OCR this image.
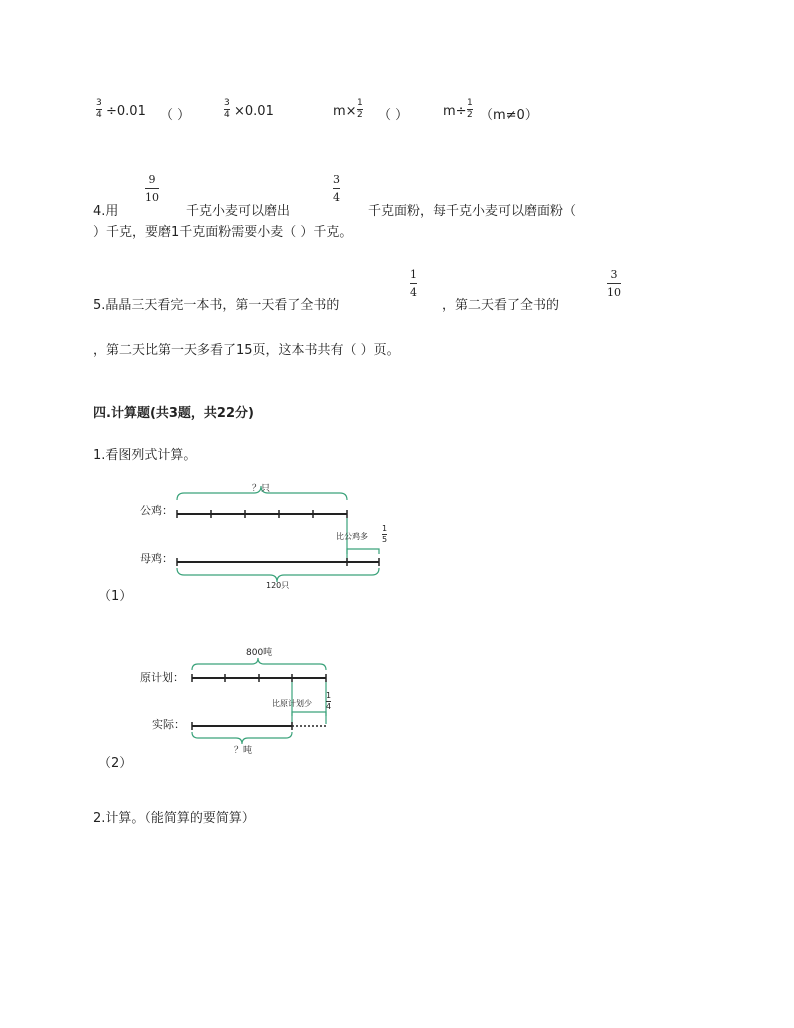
3
4 ÷0.01 （ ）
3
4 ×0.01	m×
1
2 （ ）	m÷
1
2 （m≠0）
4.用
9
10
千克小麦可以磨出
3
4
千克面粉，每千克小麦可以磨面粉（
）千克，要磨1千克面粉需要小麦（ ）千克。
5.晶晶三天看完一本书，第一天看了全书的
1
4
，第二天看了全书的
3
10
，第二天比第一天多看了15页，这本书共有（ ）页。
四.计算题(共3题，共22分)
1.看图列式计算。
公鸡：
母鸡：
？只
比公鸡多
1
5
120只
（1）
原计划：
实际：
800吨
比原计划少
1
4
？吨
（2）
2.计算。（能简算的要简算）
